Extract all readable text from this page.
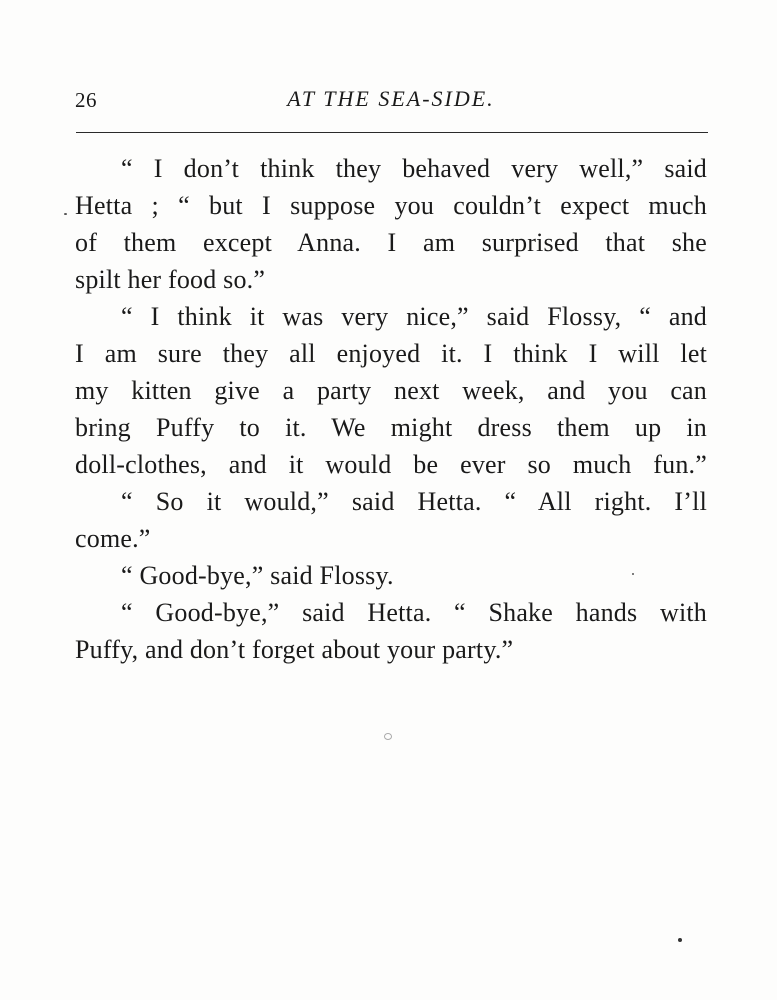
26	AT THE SEA-SIDE.
“ I don’t think they behaved very well,” said
Hetta ; “ but I suppose you couldn’t expect much
of them except Anna. I am surprised that she
spilt her food so.”
“ I think it was very nice,” said Flossy, “ and
I am sure they all enjoyed it. I think I will let
my kitten give a party next week, and you can
bring Puffy to it. We might dress them up in
doll-clothes, and it would be ever so much fun.”
“ So it would,” said Hetta. “ All right. I’ll
come.”
“ Good-bye,” said Flossy.
“ Good-bye,” said Hetta. “ Shake hands with
Puffy, and don’t forget about your party.”
